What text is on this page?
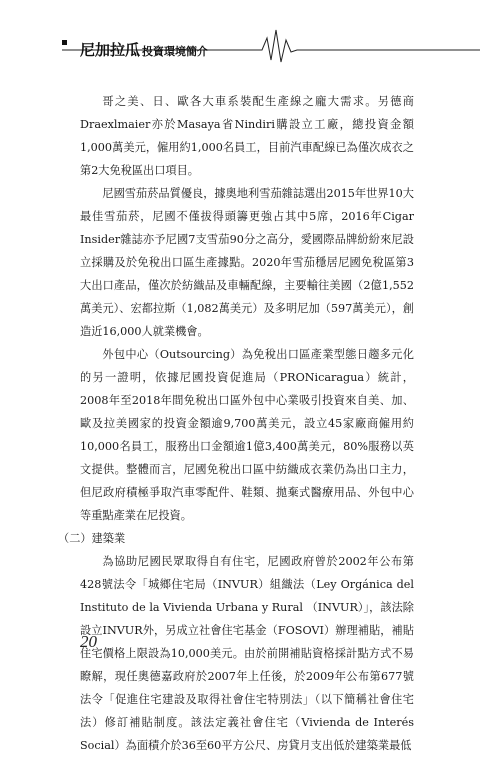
尼加拉瓜 投資環境簡介

哥之美、日、歐各大車系裝配生產線之龐大需求。另德商Draexlmaier亦於Masaya省Nindiri購設立工廠，總投資金額1,000萬美元，僱用約1,000名員工，目前汽車配線已為僅次成衣之第2大免稅區出口項目。

尼國雪茄菸品質優良，據奧地利雪茄雜誌選出2015年世界10大最佳雪茄菸，尼國不僅拔得頭籌更強占其中5席，2016年Cigar Insider雜誌亦予尼國7支雪茄90分之高分，愛國際品牌紛紛來尼設立採購及於免稅出口區生產據點。2020年雪茄穩居尼國免稅區第3大出口產品，僅次於紡織品及車輛配線，主要輸往美國（2億1,552萬美元）、宏都拉斯（1,082萬美元）及多明尼加（597萬美元），創造近16,000人就業機會。

外包中心（Outsourcing）為免稅出口區產業型態日趨多元化的另一證明，依據尼國投資促進局（PRONicaragua）統計，2008年至2018年間免稅出口區外包中心業吸引投資來自美、加、歐及拉美國家的投資金額逾9,700萬美元，設立45家廠商僱用約10,000名員工，服務出口金額逾1億3,400萬美元，80%服務以英文提供。整體而言，尼國免稅出口區中紡織成衣業仍為出口主力，但尼政府積極爭取汽車零配件、鞋類、拋棄式醫療用品、外包中心等重點產業在尼投資。

（二）建築業

為協助尼國民眾取得自有住宅，尼國政府曾於2002年公布第428號法令「城鄉住宅局（INVUR）組織法（Ley Orgánica del Instituto de la Vivienda Urbana y Rural （INVUR）」，該法除設立INVUR外，另成立社會住宅基金（FOSOVI）辦理補貼，補貼住宅價格上限設為10,000美元。由於前開補貼資格採計點方式不易瞭解，現任奧德嘉政府於2007年上任後，於2009年公布第677號法令「促進住宅建設及取得社會住宅特別法」（以下簡稱社會住宅法）修訂補貼制度。該法定義社會住宅（Vivienda de Interés Social）為面積介於36至60平方公尺、房貸月支出低於建築業最低

20
